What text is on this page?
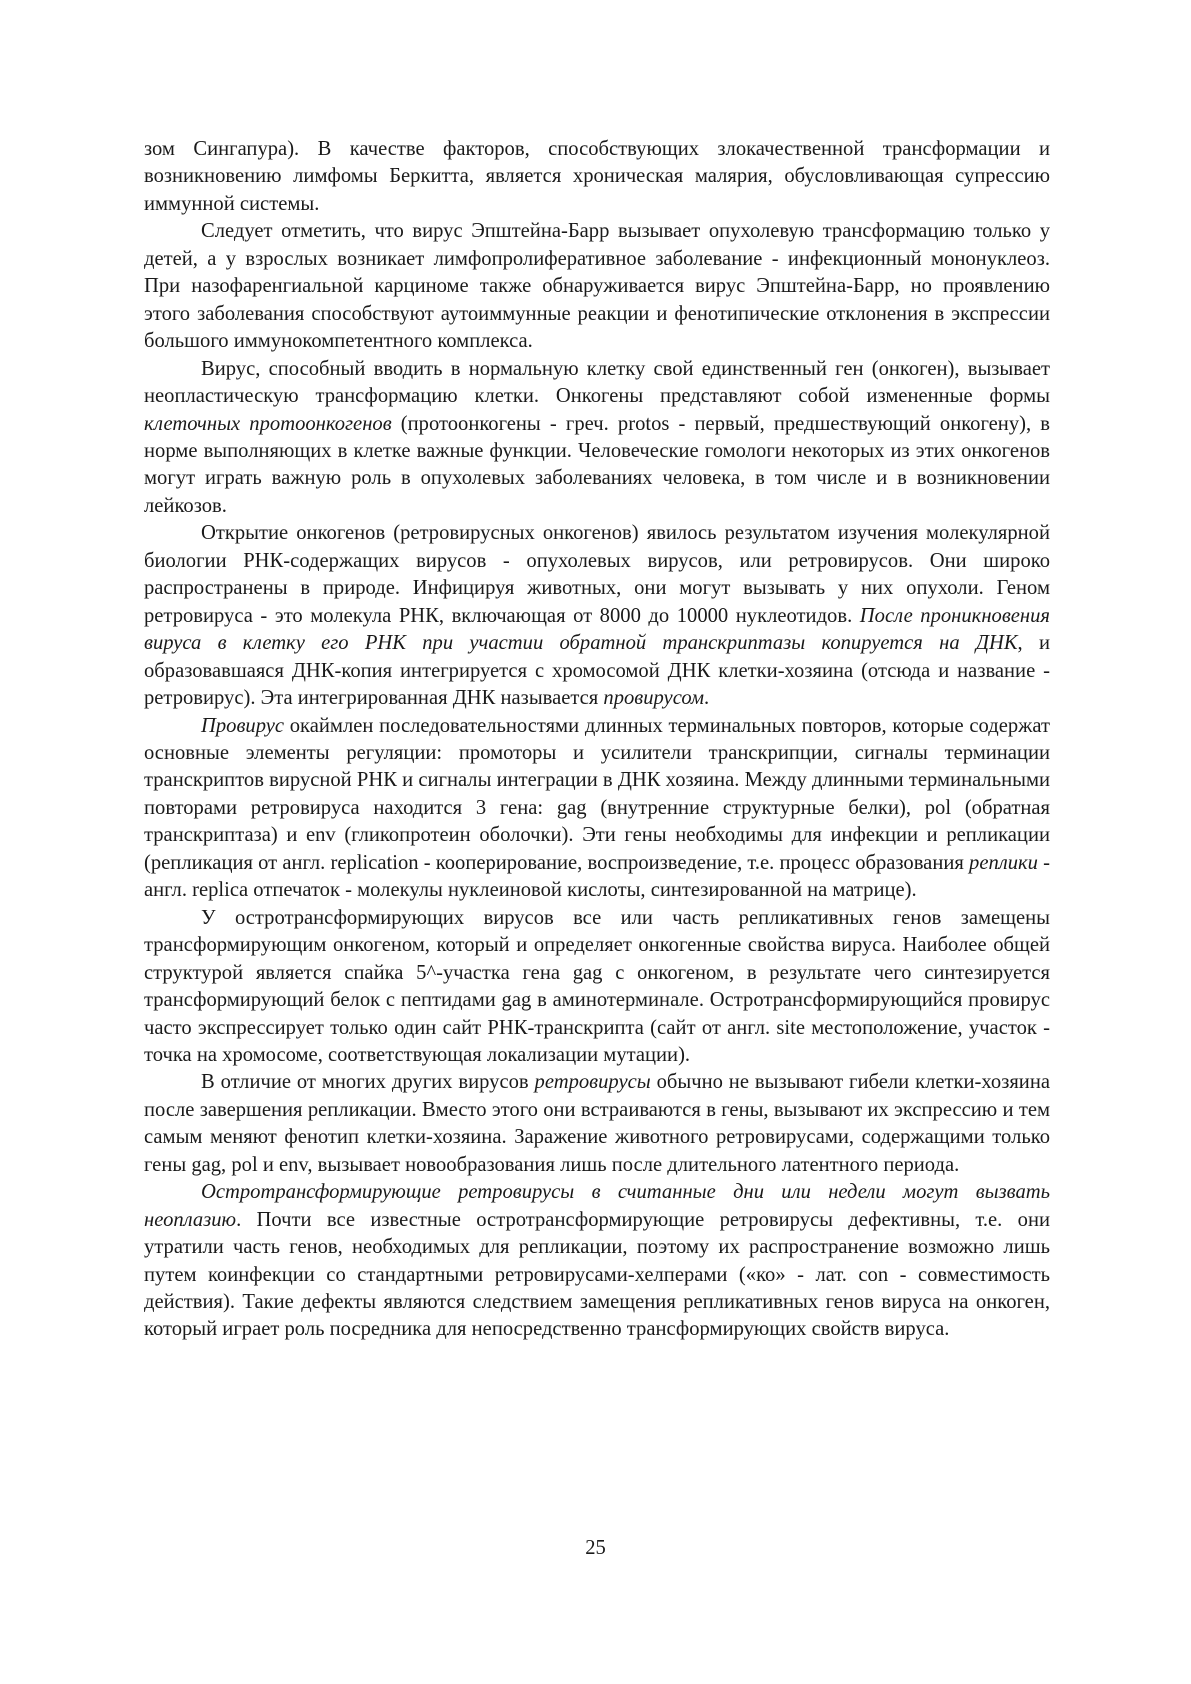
зом Сингапура). В качестве факторов, способствующих злокачественной трансформации и возникновению лимфомы Беркитта, является хроническая малярия, обусловливающая супрессию иммунной системы.

Следует отметить, что вирус Эпштейна-Барр вызывает опухолевую трансформацию только у детей, а у взрослых возникает лимфопролиферативное заболевание - инфекционный мононуклеоз. При назофаренгиальной карциноме также обнаруживается вирус Эпштейна-Барр, но проявлению этого заболевания способствуют аутоиммунные реакции и фенотипические отклонения в экспрессии большого иммунокомпетентного комплекса.

Вирус, способный вводить в нормальную клетку свой единственный ген (онкоген), вызывает неопластическую трансформацию клетки. Онкогены представляют собой измененные формы клеточных протоонкогенов (протоонкогены - греч. protos - первый, предшествующий онкогену), в норме выполняющих в клетке важные функции. Человеческие гомологи некоторых из этих онкогенов могут играть важную роль в опухолевых заболеваниях человека, в том числе и в возникновении лейкозов.

Открытие онкогенов (ретровирусных онкогенов) явилось результатом изучения молекулярной биологии РНК-содержащих вирусов - опухолевых вирусов, или ретровирусов. Они широко распространены в природе. Инфицируя животных, они могут вызывать у них опухоли. Геном ретровируса - это молекула РНК, включающая от 8000 до 10000 нуклеотидов. После проникновения вируса в клетку его РНК при участии обратной транскриптазы копируется на ДНК, и образовавшаяся ДНК-копия интегрируется с хромосомой ДНК клетки-хозяина (отсюда и название - ретровирус). Эта интегрированная ДНК называется провирусом.

Провирус окаймлен последовательностями длинных терминальных повторов, которые содержат основные элементы регуляции: промоторы и усилители транскрипции, сигналы терминации транскриптов вирусной РНК и сигналы интеграции в ДНК хозяина. Между длинными терминальными повторами ретровируса находится 3 гена: gag (внутренние структурные белки), pol (обратная транскриптаза) и env (гликопротеин оболочки). Эти гены необходимы для инфекции и репликации (репликация от англ. replication - кооперирование, воспроизведение, т.е. процесс образования реплики - англ. replica отпечаток - молекулы нуклеиновой кислоты, синтезированной на матрице).

У остротрансформирующих вирусов все или часть репликативных генов замещены трансформирующим онкогеном, который и определяет онкогенные свойства вируса. Наиболее общей структурой является спайка 5^-участка гена gag с онкогеном, в результате чего синтезируется трансформирующий белок с пептидами gag в аминотерминале. Остротрансформирующийся провирус часто экспрессирует только один сайт РНК-транскрипта (сайт от англ. site местоположение, участок - точка на хромосоме, соответствующая локализации мутации).

В отличие от многих других вирусов ретровирусы обычно не вызывают гибели клетки-хозяина после завершения репликации. Вместо этого они встраиваются в гены, вызывают их экспрессию и тем самым меняют фенотип клетки-хозяина. Заражение животного ретровирусами, содержащими только гены gag, pol и env, вызывает новообразования лишь после длительного латентного периода.

Остротрансформирующие ретровирусы в считанные дни или недели могут вызвать неоплазию. Почти все известные остротрансформирующие ретровирусы дефективны, т.е. они утратили часть генов, необходимых для репликации, поэтому их распространение возможно лишь путем коинфекции со стандартными ретровирусами-хелперами («ко» - лат. con - совместимость действия). Такие дефекты являются следствием замещения репликативных генов вируса на онкоген, который играет роль посредника для непосредственно трансформирующих свойств вируса.

25
